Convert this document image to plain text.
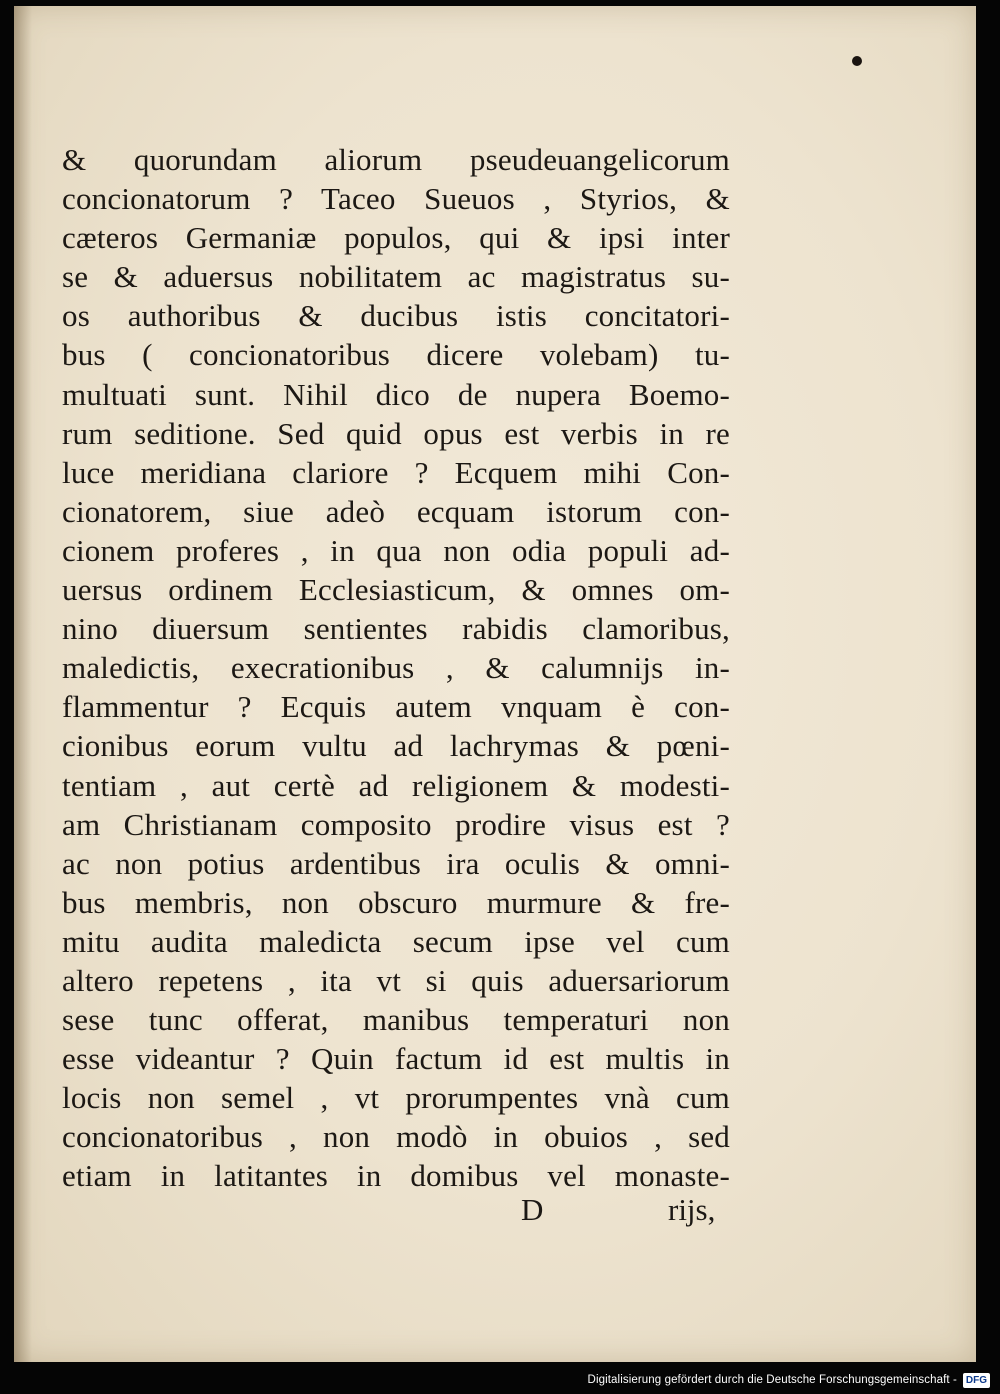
& quorundam aliorum pseudeuangelicorum
concionatorum ? Taceo Sueuos , Styrios, &
cæteros Germaniæ populos, qui & ipsi inter
se & aduersus nobilitatem ac magistratus su-
os authoribus & ducibus istis concitatori-
bus ( concionatoribus dicere volebam) tu-
multuati sunt. Nihil dico de nupera Boemo-
rum seditione. Sed quid opus est verbis in re
luce meridiana clariore ? Ecquem mihi Con-
cionatorem, siue adeò ecquam istorum con-
cionem proferes , in qua non odia populi ad-
uersus ordinem Ecclesiasticum, & omnes om-
nino diuersum sentientes rabidis clamoribus,
maledictis, execrationibus , & calumnijs in-
flammentur ? Ecquis autem vnquam è con-
cionibus eorum vultu ad lachrymas & pœni-
tentiam , aut certè ad religionem & modesti-
am Christianam composito prodire visus est ?
ac non potius ardentibus ira oculis & omni-
bus membris, non obscuro murmure & fre-
mitu audita maledicta secum ipse vel cum
altero repetens , ita vt si quis aduersariorum
sese tunc offerat, manibus temperaturi non
esse videantur ? Quin factum id est multis in
locis non semel , vt prorumpentes vnà cum
concionatoribus , non modò in obuios , sed
etiam in latitantes in domibus vel monaste-
D	rijs,
Digitalisierung gefördert durch die Deutsche Forschungsgemeinschaft - DFG
